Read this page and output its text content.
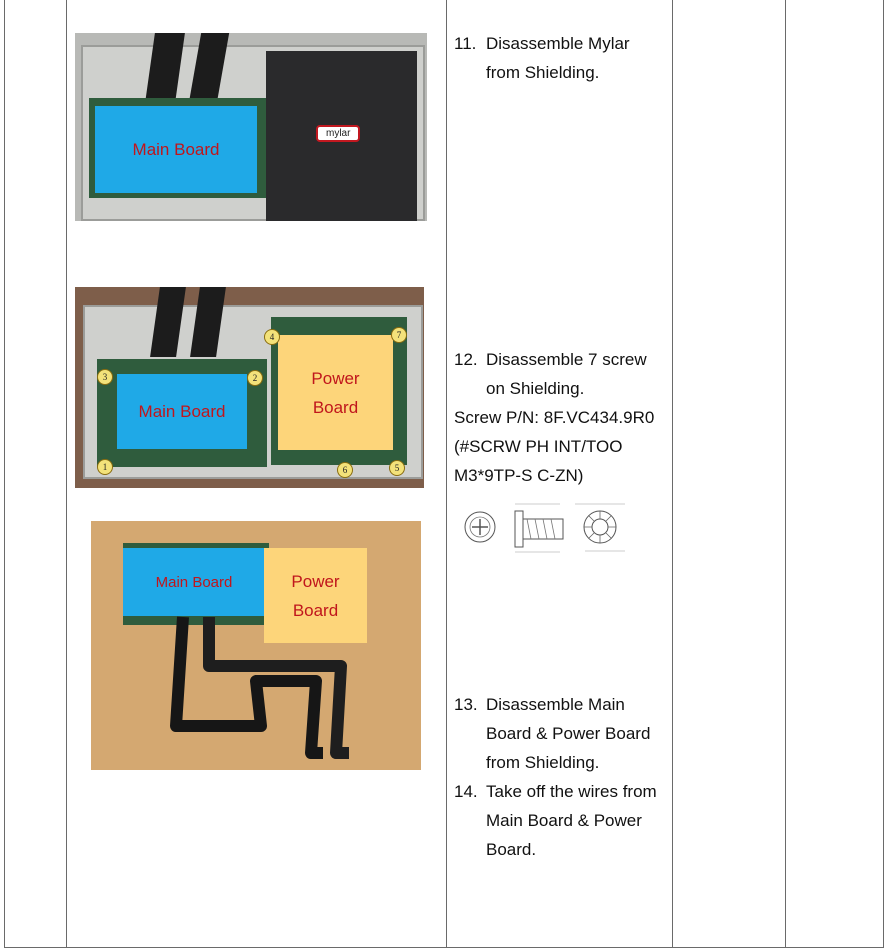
Main Board
mylar
Main Board
Power
Board
1
2
3
4
5
6
7
Main Board	Power
Board
11. Disassemble Mylar
from Shielding.
12. Disassemble 7 screw
on Shielding.
Screw P/N: 8F.VC434.9R0
(#SCRW PH INT/TOO
M3*9TP-S C-ZN)
13. Disassemble Main
Board & Power Board
from Shielding.
14. Take off the wires from
Main Board & Power
Board.
